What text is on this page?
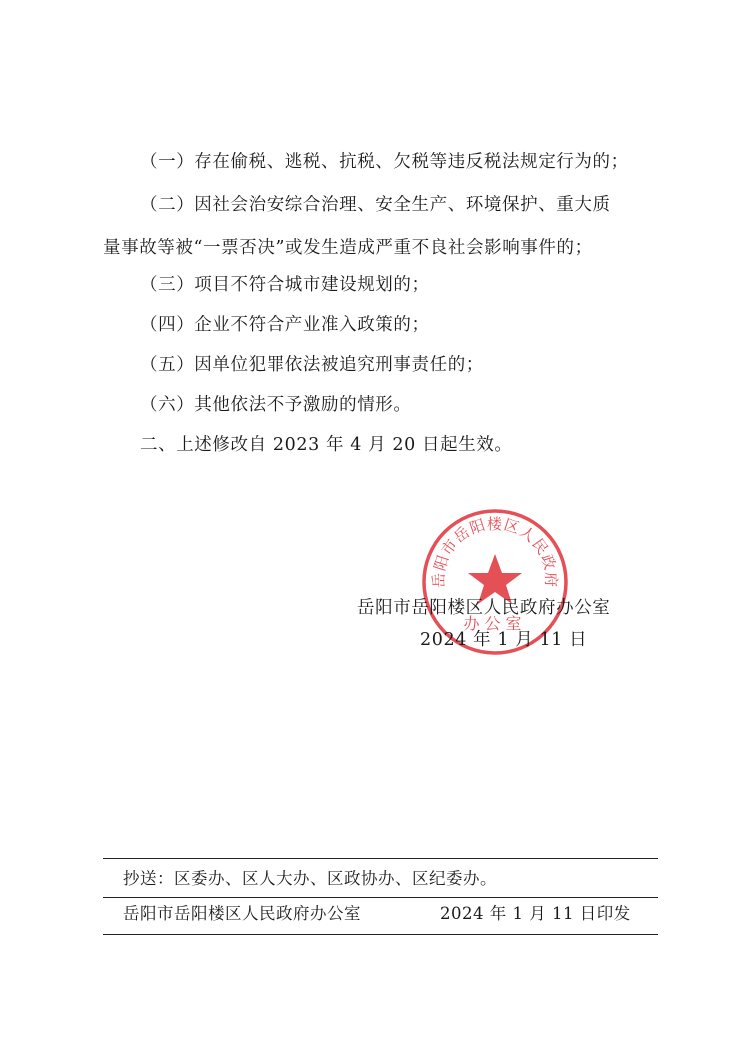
（一）存在偷税、逃税、抗税、欠税等违反税法规定行为的；
（二）因社会治安综合治理、安全生产、环境保护、重大质
量事故等被“一票否决”或发生造成严重不良社会影响事件的；
（三）项目不符合城市建设规划的；
（四）企业不符合产业准入政策的；
（五）因单位犯罪依法被追究刑事责任的；
（六）其他依法不予激励的情形。
二、上述修改自 2023 年 4 月 20 日起生效。
岳阳市岳阳楼区人民政府
办公室
岳阳市岳阳楼区人民政府办公室
2024 年 1 月 11 日
抄送：区委办、区人大办、区政协办、区纪委办。
岳阳市岳阳楼区人民政府办公室	2024 年 1 月 11 日印发
